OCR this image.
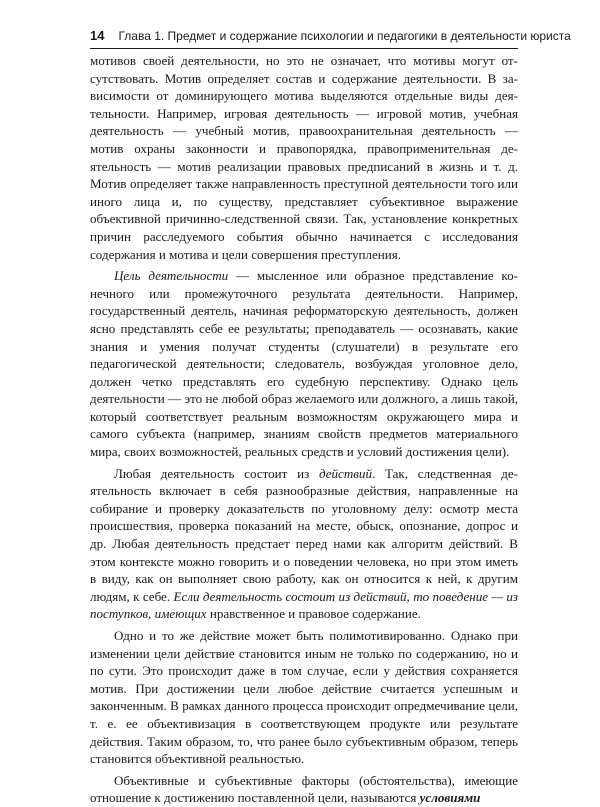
14 Глава 1. Предмет и содержание психологии и педагогики в деятельности юриста

мотивов своей деятельности, но это не означает, что мотивы могут отсутствовать. Мотив определяет состав и содержание деятельности. В зависимости от доминирующего мотива выделяются отдельные виды деятельности. Например, игровая деятельность — игровой мотив, учебная деятельность — учебный мотив, правоохранительная деятельность — мотив охраны законности и правопорядка, правоприменительная деятельность — мотив реализации правовых предписаний в жизнь и т. д. Мотив определяет также направленность преступной деятельности того или иного лица и, по существу, представляет субъективное выражение объективной причинно-следственной связи. Так, установление конкретных причин расследуемого события обычно начинается с исследования содержания и мотива и цели совершения преступления.

Цель деятельности — мысленное или образное представление конечного или промежуточного результата деятельности. Например, государственный деятель, начиная реформаторскую деятельность, должен ясно представлять себе ее результаты; преподаватель — осознавать, какие знания и умения получат студенты (слушатели) в результате его педагогической деятельности; следователь, возбуждая уголовное дело, должен четко представлять его судебную перспективу. Однако цель деятельности — это не любой образ желаемого или должного, а лишь такой, который соответствует реальным возможностям окружающего мира и самого субъекта (например, знаниям свойств предметов материального мира, своих возможностей, реальных средств и условий достижения цели).

Любая деятельность состоит из действий. Так, следственная деятельность включает в себя разнообразные действия, направленные на собирание и проверку доказательств по уголовному делу: осмотр места происшествия, проверка показаний на месте, обыск, опознание, допрос и др. Любая деятельность предстает перед нами как алгоритм действий. В этом контексте можно говорить и о поведении человека, но при этом иметь в виду, как он выполняет свою работу, как он относится к ней, к другим людям, к себе. Если деятельность состоит из действий, то поведение — из поступков, имеющих нравственное и правовое содержание.

Одно и то же действие может быть полимотивированно. Однако при изменении цели действие становится иным не только по содержанию, но и по сути. Это происходит даже в том случае, если у действия сохраняется мотив. При достижении цели любое действие считается успешным и законченным. В рамках данного процесса происходит опредмечивание цели, т. е. ее объективизация в соответствующем продукте или результате действия. Таким образом, то, что ранее было субъективным образом, теперь становится объективной реальностью.

Объективные и субъективные факторы (обстоятельства), имеющие отношение к достижению поставленной цели, называются условиями
